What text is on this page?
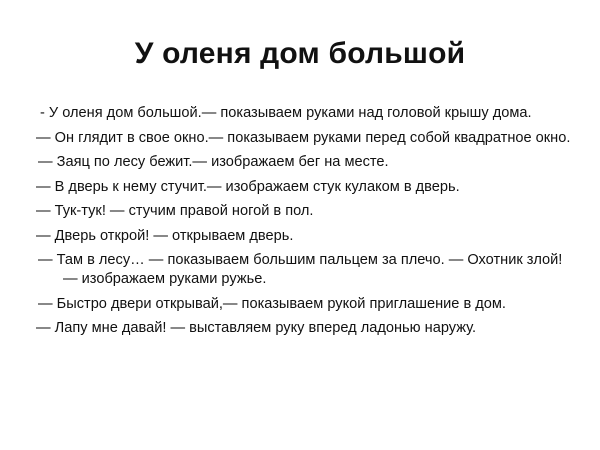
У оленя дом большой
- У оленя дом большой.— показываем руками над головой крышу дома.
— Он глядит в свое окно.— показываем руками перед собой квадратное окно.
— Заяц по лесу бежит.— изображаем бег на месте.
— В дверь к нему стучит.— изображаем стук кулаком в дверь.
— Тук-тук! — стучим правой ногой в пол.
— Дверь открой! — открываем дверь.
— Там в лесу… — показываем большим пальцем за плечо. — Охотник злой! — изображаем руками ружье.
— Быстро двери открывай,— показываем рукой приглашение в дом.
— Лапу мне давай! — выставляем руку вперед ладонью наружу.
